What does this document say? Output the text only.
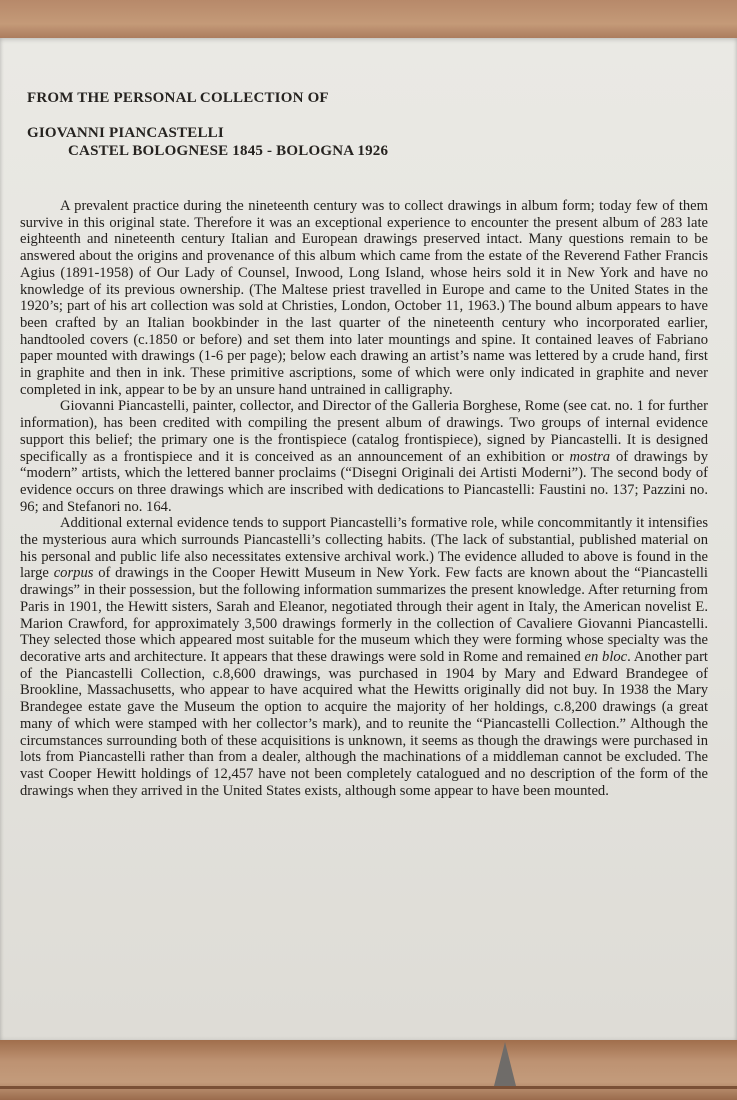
FROM THE PERSONAL COLLECTION OF
GIOVANNI PIANCASTELLI
CASTEL BOLOGNESE 1845 - BOLOGNA 1926

A prevalent practice during the nineteenth century was to collect drawings in album form; today few of them survive in this original state. Therefore it was an exceptional experience to encounter the present album of 283 late eighteenth and nineteenth century Italian and European drawings preserved intact. Many questions remain to be answered about the origins and provenance of this album which came from the estate of the Reverend Father Francis Agius (1891-1958) of Our Lady of Counsel, Inwood, Long Island, whose heirs sold it in New York and have no knowledge of its previous ownership. (The Maltese priest travelled in Europe and came to the United States in the 1920’s; part of his art collection was sold at Christies, London, October 11, 1963.) The bound album appears to have been crafted by an Italian bookbinder in the last quarter of the nineteenth century who incorporated earlier, handtooled covers (c.1850 or before) and set them into later mountings and spine. It contained leaves of Fabriano paper mounted with drawings (1-6 per page); below each drawing an artist’s name was lettered by a crude hand, first in graphite and then in ink. These primitive ascriptions, some of which were only indicated in graphite and never completed in ink, appear to be by an unsure hand untrained in calligraphy.

Giovanni Piancastelli, painter, collector, and Director of the Galleria Borghese, Rome (see cat. no. 1 for further information), has been credited with compiling the present album of drawings. Two groups of internal evidence support this belief; the primary one is the frontispiece (catalog frontispiece), signed by Piancastelli. It is designed specifically as a frontispiece and it is conceived as an announcement of an exhibition or mostra of drawings by “modern” artists, which the lettered banner proclaims (“Disegni Originali dei Artisti Moderni”). The second body of evidence occurs on three drawings which are inscribed with dedications to Piancastelli: Faustini no. 137; Pazzini no. 96; and Stefanori no. 164.

Additional external evidence tends to support Piancastelli’s formative role, while concommitantly it intensifies the mysterious aura which surrounds Piancastelli’s collecting habits. (The lack of substantial, published material on his personal and public life also necessitates extensive archival work.) The evidence alluded to above is found in the large corpus of drawings in the Cooper Hewitt Museum in New York. Few facts are known about the “Piancastelli drawings” in their possession, but the following information summarizes the present knowledge. After returning from Paris in 1901, the Hewitt sisters, Sarah and Eleanor, negotiated through their agent in Italy, the American novelist E. Marion Crawford, for approximately 3,500 drawings formerly in the collection of Cavaliere Giovanni Piancastelli. They selected those which appeared most suitable for the museum which they were forming whose specialty was the decorative arts and architecture. It appears that these drawings were sold in Rome and remained en bloc. Another part of the Piancastelli Collection, c.8,600 drawings, was purchased in 1904 by Mary and Edward Brandegee of Brookline, Massachusetts, who appear to have acquired what the Hewitts originally did not buy. In 1938 the Mary Brandegee estate gave the Museum the option to acquire the majority of her holdings, c.8,200 drawings (a great many of which were stamped with her collector’s mark), and to reunite the “Piancastelli Collection.” Although the circumstances surrounding both of these acquisitions is unknown, it seems as though the drawings were purchased in lots from Piancastelli rather than from a dealer, although the machinations of a middleman cannot be excluded. The vast Cooper Hewitt holdings of 12,457 have not been completely catalogued and no description of the form of the drawings when they arrived in the United States exists, although some appear to have been mounted.
